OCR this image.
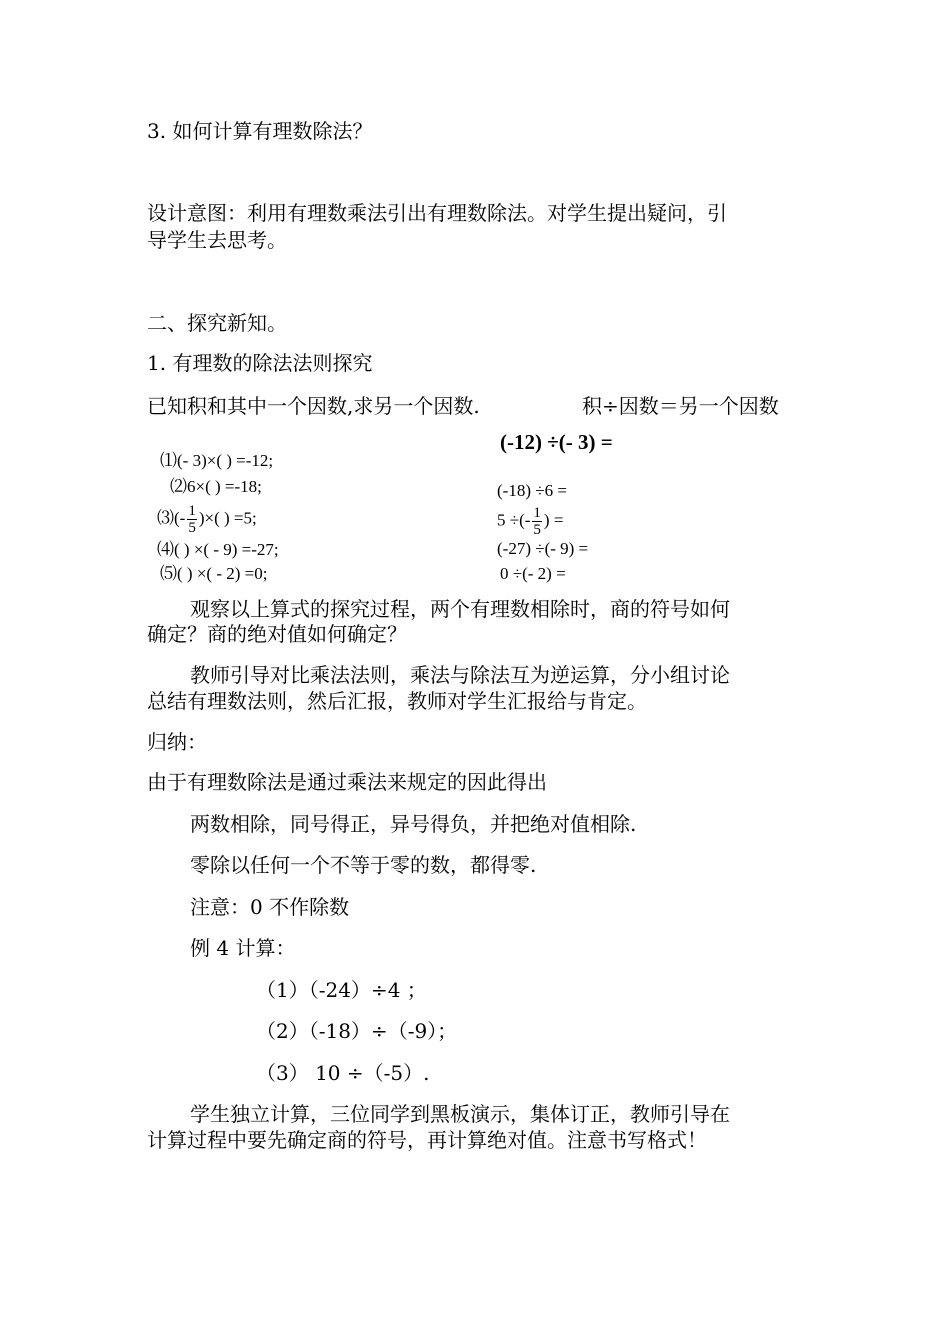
3. 如何计算有理数除法？
设计意图：利用有理数乘法引出有理数除法。对学生提出疑问，引
导学生去思考。
二、探究新知。
1. 有理数的除法法则探究
已知积和其中一个因数,求另一个因数.	积÷因数＝另一个因数
⑴(- 3)×( ) =-12;
⑵6×( ) =-18;
⑶(- $\frac{1}{5}$ )×( ) =5;
⑷( ) ×( - 9) =-27;
⑸( ) ×( - 2) =0;
(-12) ÷(- 3) =
(-18) ÷6 =
5 ÷(- $\frac{1}{5}$ ) =
(-27) ÷(- 9) =
0 ÷(- 2) =
观察以上算式的探究过程，两个有理数相除时，商的符号如何
确定？商的绝对值如何确定？
教师引导对比乘法法则，乘法与除法互为逆运算，分小组讨论
总结有理数法则，然后汇报，教师对学生汇报给与肯定。
归纳：
由于有理数除法是通过乘法来规定的因此得出
两数相除，同号得正，异号得负，并把绝对值相除.
零除以任何一个不等于零的数，都得零.
注意：0 不作除数
例 4 计算：
（1）（-24）÷4 ；
（2）（-18）÷（-9）；
（3） 10 ÷（-5）.
学生独立计算，三位同学到黑板演示，集体订正，教师引导在
计算过程中要先确定商的符号，再计算绝对值。注意书写格式！
